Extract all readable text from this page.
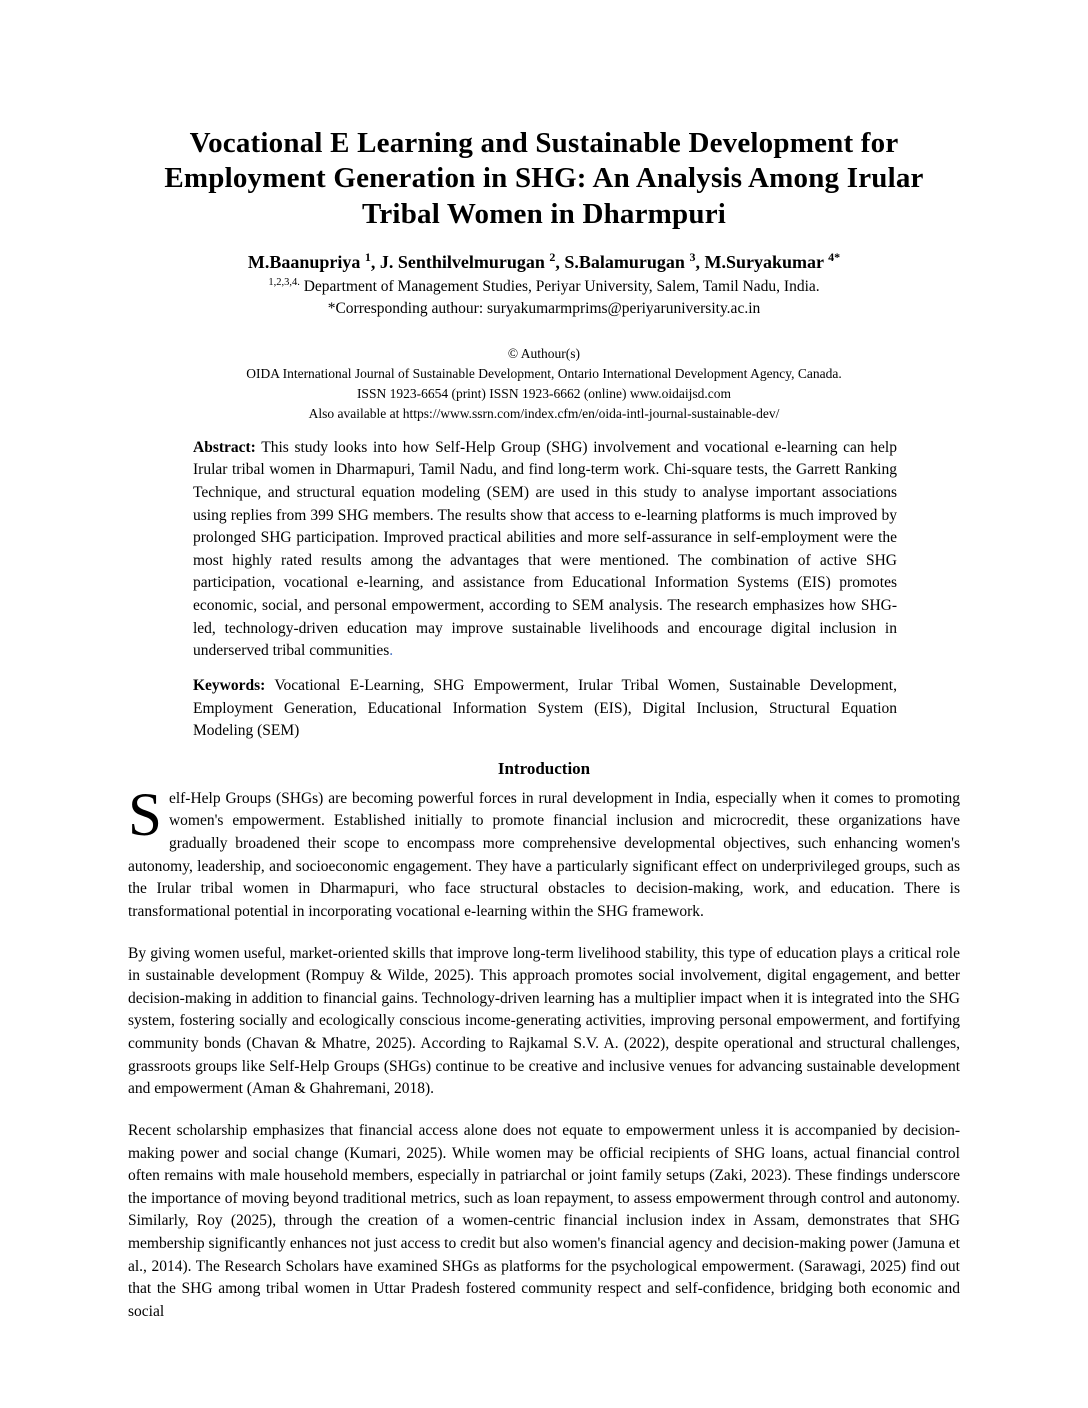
Vocational E Learning and Sustainable Development for Employment Generation in SHG: An Analysis Among Irular Tribal Women in Dharmpuri
M.Baanupriya $^1$, J. Senthilvelmurugan $^2$, S.Balamurugan $^3$, M.Suryakumar $^{4*}$
$^{1,2,3,4.}$ Department of Management Studies, Periyar University, Salem, Tamil Nadu, India.
*Corresponding authour: suryakumarmprims@periyaruniversity.ac.in
© Authour(s)
OIDA International Journal of Sustainable Development, Ontario International Development Agency, Canada.
ISSN 1923-6654 (print) ISSN 1923-6662 (online) www.oidaijsd.com
Also available at https://www.ssrn.com/index.cfm/en/oida-intl-journal-sustainable-dev/

Abstract: This study looks into how Self-Help Group (SHG) involvement and vocational e-learning can help Irular tribal women in Dharmapuri, Tamil Nadu, and find long-term work. Chi-square tests, the Garrett Ranking Technique, and structural equation modeling (SEM) are used in this study to analyse important associations using replies from 399 SHG members. The results show that access to e-learning platforms is much improved by prolonged SHG participation. Improved practical abilities and more self-assurance in self-employment were the most highly rated results among the advantages that were mentioned. The combination of active SHG participation, vocational e-learning, and assistance from Educational Information Systems (EIS) promotes economic, social, and personal empowerment, according to SEM analysis. The research emphasizes how SHG-led, technology-driven education may improve sustainable livelihoods and encourage digital inclusion in underserved tribal communities.

Keywords: Vocational E-Learning, SHG Empowerment, Irular Tribal Women, Sustainable Development, Employment Generation, Educational Information System (EIS), Digital Inclusion, Structural Equation Modeling (SEM)

Introduction

Self-Help Groups (SHGs) are becoming powerful forces in rural development in India, especially when it comes to promoting women's empowerment. Established initially to promote financial inclusion and microcredit, these organizations have gradually broadened their scope to encompass more comprehensive developmental objectives, such enhancing women's autonomy, leadership, and socioeconomic engagement. They have a particularly significant effect on underprivileged groups, such as the Irular tribal women in Dharmapuri, who face structural obstacles to decision-making, work, and education. There is transformational potential in incorporating vocational e-learning within the SHG framework.

By giving women useful, market-oriented skills that improve long-term livelihood stability, this type of education plays a critical role in sustainable development (Rompuy & Wilde, 2025). This approach promotes social involvement, digital engagement, and better decision-making in addition to financial gains. Technology-driven learning has a multiplier impact when it is integrated into the SHG system, fostering socially and ecologically conscious income-generating activities, improving personal empowerment, and fortifying community bonds (Chavan & Mhatre, 2025). According to Rajkamal S.V. A. (2022), despite operational and structural challenges, grassroots groups like Self-Help Groups (SHGs) continue to be creative and inclusive venues for advancing sustainable development and empowerment (Aman & Ghahremani, 2018).

Recent scholarship emphasizes that financial access alone does not equate to empowerment unless it is accompanied by decision-making power and social change (Kumari, 2025). While women may be official recipients of SHG loans, actual financial control often remains with male household members, especially in patriarchal or joint family setups (Zaki, 2023). These findings underscore the importance of moving beyond traditional metrics, such as loan repayment, to assess empowerment through control and autonomy. Similarly, Roy (2025), through the creation of a women-centric financial inclusion index in Assam, demonstrates that SHG membership significantly enhances not just access to credit but also women's financial agency and decision-making power (Jamuna et al., 2014). The Research Scholars have examined SHGs as platforms for the psychological empowerment. (Sarawagi, 2025) find out that the SHG among tribal women in Uttar Pradesh fostered community respect and self-confidence, bridging both economic and social
